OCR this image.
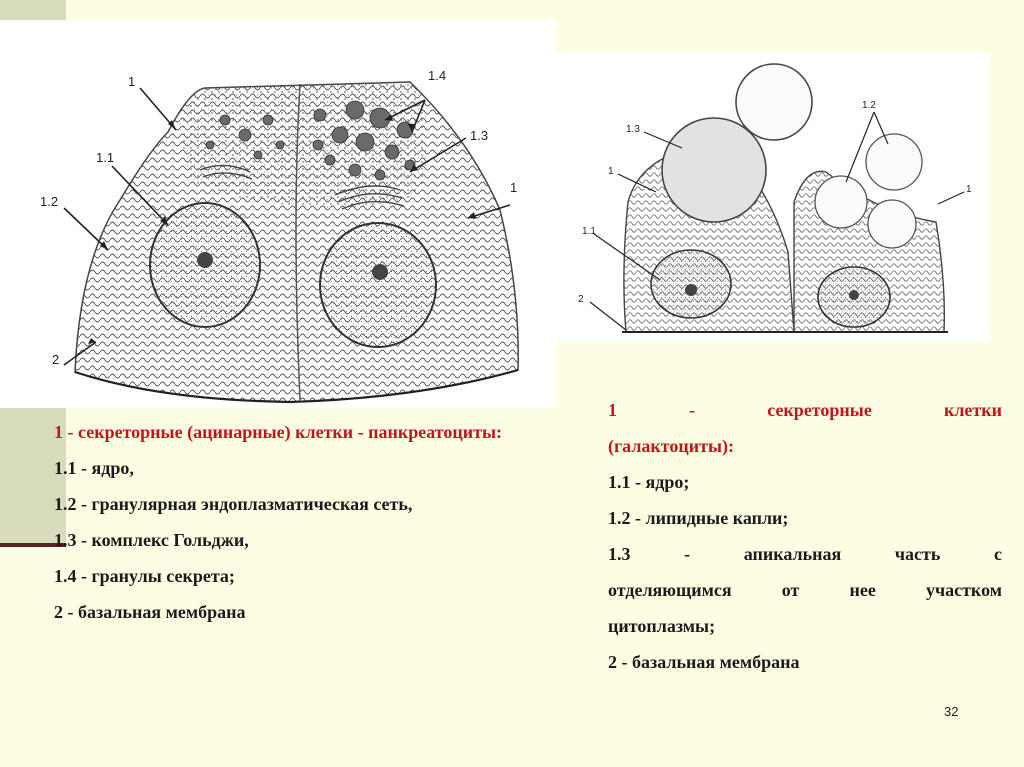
1
1.1
1.2
1.3
1.4
1
2
1.3
1.2
1
1
1.1
2
1 - секреторные (ацинарные) клетки - панкреатоциты:
1.1 - ядро,
1.2 - гранулярная эндоплазматическая сеть,
1.3 - комплекс Гольджи,
1.4 - гранулы секрета;
2 - базальная мембрана
1 - секреторные клетки
(галактоциты):
1.1 - ядро;
1.2 - липидные капли;
1.3 - апикальная часть с
отделяющимся от нее участком
цитоплазмы;
2 - базальная мембрана
32
